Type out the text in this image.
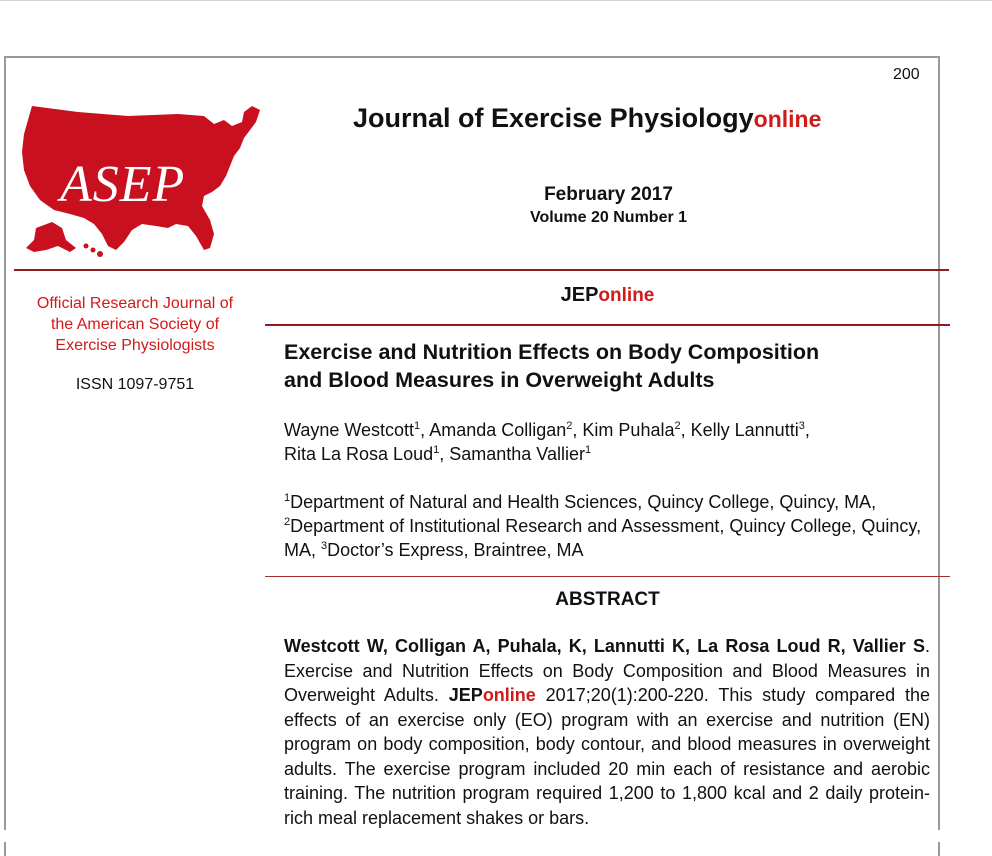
200
ASEP
Journal of Exercise Physiologyonline
February 2017
Volume 20 Number 1
Official Research Journal of
the American Society of
Exercise Physiologists
ISSN 1097-9751
JEPonline
Exercise and Nutrition Effects on Body Composition
and Blood Measures in Overweight Adults
Wayne Westcott$^1$, Amanda Colligan$^2$, Kim Puhala$^2$, Kelly Lannutti$^3$,
Rita La Rosa Loud$^1$, Samantha Vallier$^1$
$^1$Department of Natural and Health Sciences, Quincy College, Quincy, MA, $^2$Department of Institutional Research and Assessment, Quincy College, Quincy, MA, $^3$Doctor’s Express, Braintree, MA
ABSTRACT
Westcott W, Colligan A, Puhala, K, Lannutti K, La Rosa Loud R, Vallier S. Exercise and Nutrition Effects on Body Composition and Blood Measures in Overweight Adults. JEPonline 2017;20(1):200-220. This study compared the effects of an exercise only (EO) program with an exercise and nutrition (EN) program on body composition, body contour, and blood measures in overweight adults. The exercise program included 20 min each of resistance and aerobic training. The nutrition program required 1,200 to 1,800 kcal and 2 daily protein-rich meal replacement shakes or bars.
